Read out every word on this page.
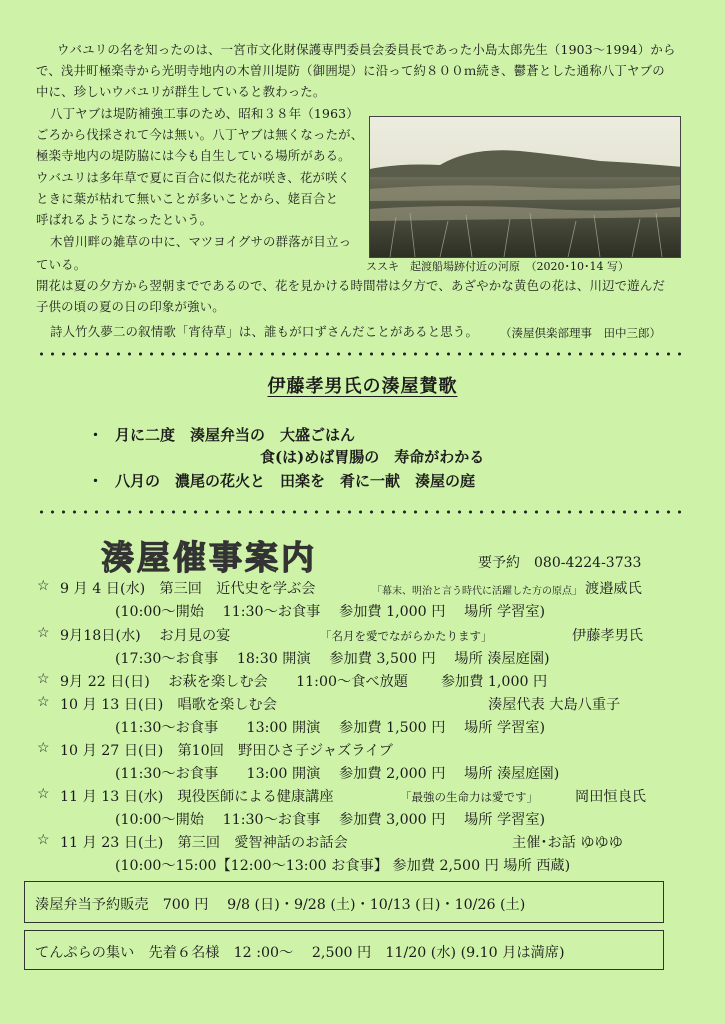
ウバユリの名を知ったのは、一宮市文化財保護専門委員会委員長であった小島太郎先生（1903〜1994）から
で、浅井町極楽寺から光明寺地内の木曽川堤防（御囲堤）に沿って約８００ｍ続き、鬱蒼とした通称八丁ヤブの
中に、珍しいウバユリが群生していると教わった。
八丁ヤブは堤防補強工事のため、昭和３８年（1963）
ごろから伐採されて今は無い。八丁ヤブは無くなったが、
極楽寺地内の堤防脇には今も自生している場所がある。
ウバユリは多年草で夏に百合に似た花が咲き、花が咲く
ときに葉が枯れて無いことが多いことから、姥百合と
呼ばれるようになったという。
木曽川畔の雑草の中に、マツヨイグサの群落が目立っ
ている。
開花は夏の夕方から翌朝までであるので、花を見かける時間帯は夕方で、あざやかな黄色の花は、川辺で遊んだ
子供の頃の夏の日の印象が強い。
詩人竹久夢二の叙情歌「宵待草」は、誰もが口ずさんだことがあると思う。
ススキ　起渡船場跡付近の河原　（2020･10･14 写）
（湊屋倶楽部理事　田中三郎）
伊藤孝男氏の湊屋賛歌
・ 月に二度　湊屋弁当の　大盛ごはん
食(は)めば胃腸の　寿命がわかる
・ 八月の　濃尾の花火と　田楽を　肴に一献　湊屋の庭
湊屋催事案内	要予約　080-4224-3733
☆ 9 月 4 日(水)　第三回　近代史を学ぶ会	「幕末、明治と言う時代に活躍した方の原点」 渡邉威氏
(10:00〜開始　 11:30〜お食事　 参加費 1,000 円　 場所 学習室)
☆ 9月18日(水)　 お月見の宴	「名月を愛でながらかたります」	伊藤孝男氏
(17:30〜お食事　 18:30 開演　 参加費 3,500 円　 場所 湊屋庭園)
☆ 9月 22 日(日)　 お萩を楽しむ会　　11:00〜食べ放題　　 参加費 1,000 円
☆ 10 月 13 日(日)　唱歌を楽しむ会	湊屋代表 大島八重子
(11:30〜お食事　　13:00 開演　 参加費 1,500 円　 場所 学習室)
☆ 10 月 27 日(日)　第10回　野田ひさ子ジャズライブ
(11:30〜お食事　　13:00 開演　 参加費 2,000 円　 場所 湊屋庭園)
☆ 11 月 13 日(水)　現役医師による健康講座	「最強の生命力は愛です」	岡田恒良氏
(10:00〜開始　 11:30〜お食事　 参加費 3,000 円　 場所 学習室)
☆ 11 月 23 日(土)　第三回　愛智神話のお話会	主催･お話 ゆゆゆ
(10:00〜15:00【12:00〜13:00 お食事】 参加費 2,500 円 場所 西蔵)
湊屋弁当予約販売　700 円　 9/8 (日)・9/28 (土)・10/13 (日)・10/26 (土)
てんぷらの集い　先着６名様　12 :00〜　 2,500 円　11/20 (水) (9.10 月は満席)
